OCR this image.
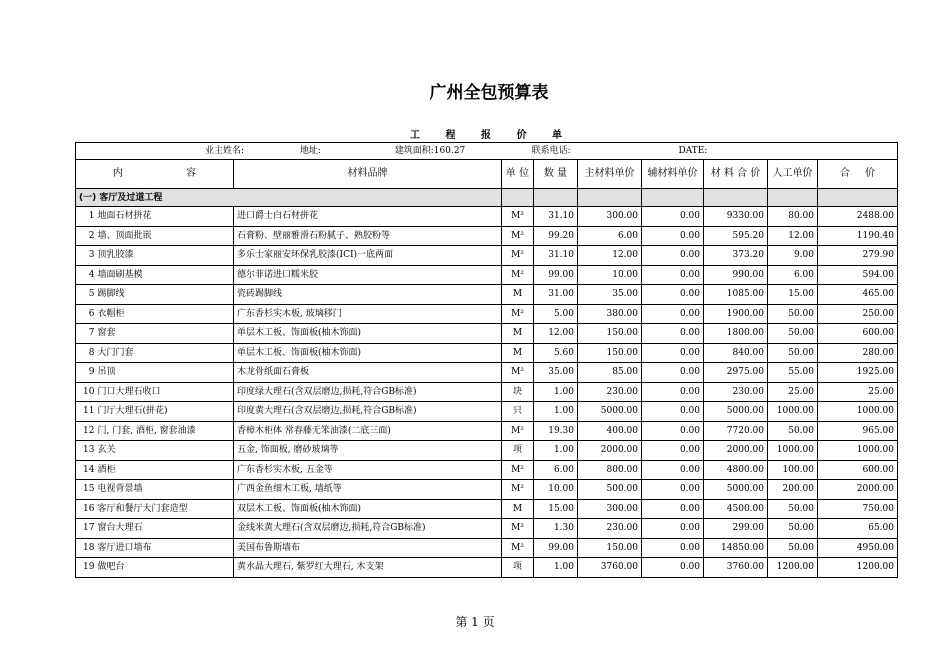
广州全包预算表
工 程 报 价 单
业主姓名: 地址: 建筑面积:160.27 联系电话: DATE:									
内 容		材料品牌	单 位	数 量	主材料单价	辅材料单价	材 料 合 价	人工单价	合 价
(一) 客厅及过道工程									
1	地面石材拼花	进口爵士白石材拼花	M²	31.10	300.00	0.00	9330.00	80.00	2488.00
2	墙、顶面批嵌	石膏粉、壁丽雅滑石粉腻子、熟胶粉等	M²	99.20	6.00	0.00	595.20	12.00	1190.40
3	顶乳胶漆	多乐士家丽安环保乳胶漆(ICI)一底两面	M²	31.10	12.00	0.00	373.20	9.00	279.90
4	墙面刷基模	德尔菲诺进口糯米胶	M²	99.00	10.00	0.00	990.00	6.00	594.00
5	踢脚线	瓷砖踢脚线	M	31.00	35.00	0.00	1085.00	15.00	465.00
6	衣帽柜	广东香杉实木板, 玻璃移门	M²	5.00	380.00	0.00	1900.00	50.00	250.00
7	窗套	单层木工板、饰面板(柚木饰面)	M	12.00	150.00	0.00	1800.00	50.00	600.00
8	大门门套	单层木工板、饰面板(柚木饰面)	M	5.60	150.00	0.00	840.00	50.00	280.00
9	吊顶	木龙骨纸面石膏板	M²	35.00	85.00	0.00	2975.00	55.00	1925.00
10	门口大理石收口	印度绿大理石(含双层磨边,损耗,符合GB标准)	块	1.00	230.00	0.00	230.00	25.00	25.00
11	门厅大理石(拼花)	印度黄大理石(含双层磨边,损耗,符合GB标准)	只	1.00	5000.00	0.00	5000.00	1000.00	1000.00
12	门, 门套, 酒柜, 窗套油漆	香樟木柜体 常春藤无笨油漆(二底三面)	M²	19.30	400.00	0.00	7720.00	50.00	965.00
13	玄关	五金, 饰面板, 磨砂玻璃等	项	1.00	2000.00	0.00	2000.00	1000.00	1000.00
14	酒柜	广东香杉实木板, 五金等	M²	6.00	800.00	0.00	4800.00	100.00	600.00
15	电视背景墙	广西金鱼细木工板, 墙纸等	M²	10.00	500.00	0.00	5000.00	200.00	2000.00
16	客厅和餐厅大门套造型	双层木工板、饰面板(柚木饰面)	M	15.00	300.00	0.00	4500.00	50.00	750.00
17	窗台大理石	金线米黄大理石(含双层磨边,损耗,符合GB标准)	M²	1.30	230.00	0.00	299.00	50.00	65.00
18	客厅进口墙布	美国布鲁斯墙布	M²	99.00	150.00	0.00	14850.00	50.00	4950.00
19	做吧台	黄水晶大理石, 紫罗红大理石, 木支架	项	1.00	3760.00	0.00	3760.00	1200.00	1200.00
第 1 页
